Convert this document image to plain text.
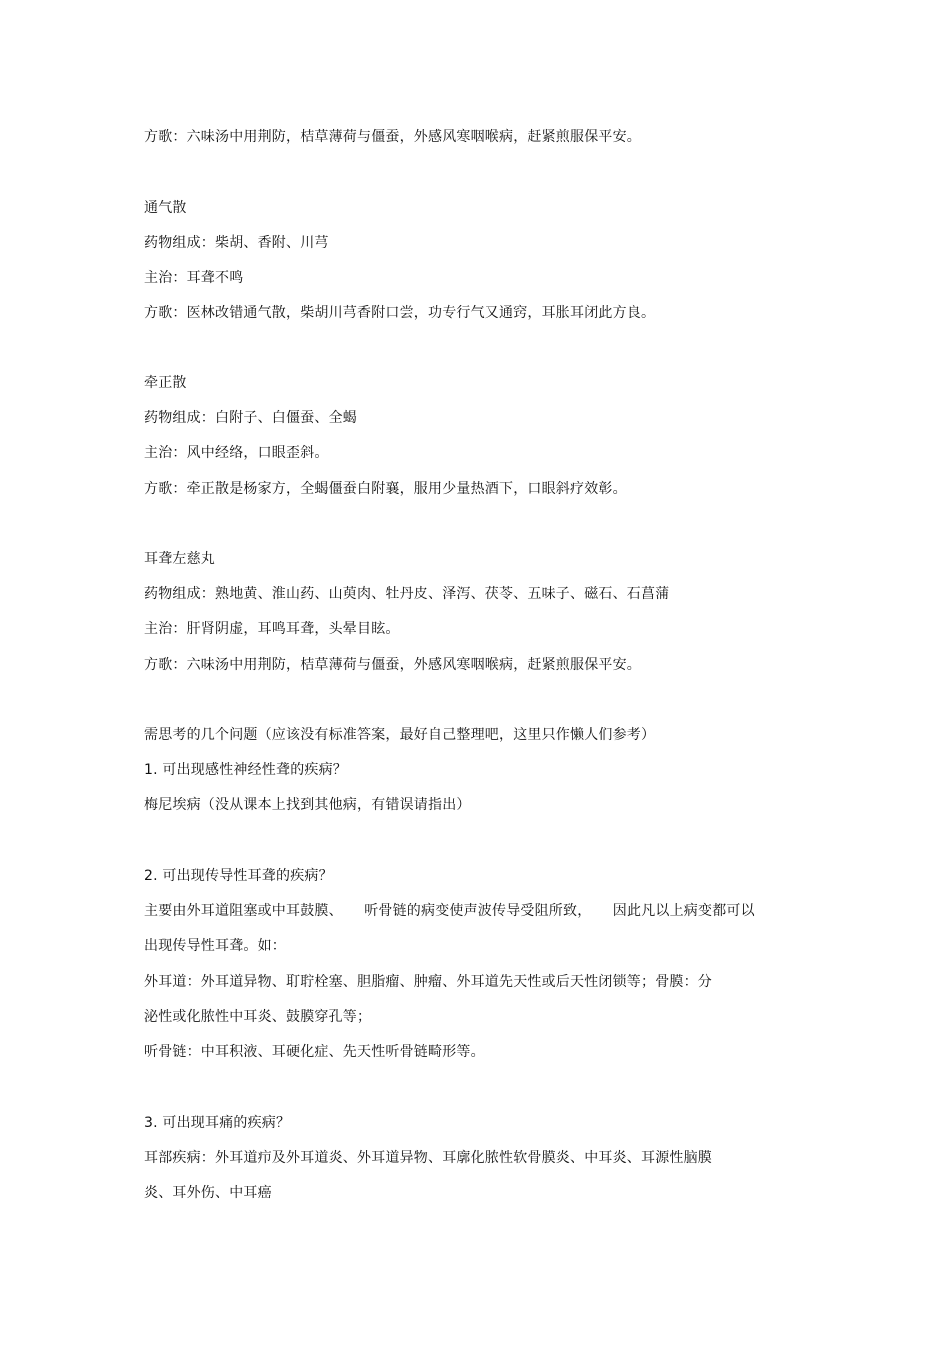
方歌：六味汤中用荆防，桔草薄荷与僵蚕，外感风寒咽喉病，赶紧煎服保平安。
通气散
药物组成：柴胡、香附、川芎
主治：耳聋不鸣
方歌：医林改错通气散，柴胡川芎香附口尝，功专行气又通窍，耳胀耳闭此方良。
牵正散
药物组成：白附子、白僵蚕、全蝎
主治：风中经络，口眼歪斜。
方歌：牵正散是杨家方，全蝎僵蚕白附襄，服用少量热酒下，口眼斜疗效彰。
耳聋左慈丸
药物组成：熟地黄、淮山药、山萸肉、牡丹皮、泽泻、茯苓、五味子、磁石、石菖蒲
主治：肝肾阴虚，耳鸣耳聋，头晕目眩。
方歌：六味汤中用荆防，桔草薄荷与僵蚕，外感风寒咽喉病，赶紧煎服保平安。
需思考的几个问题（应该没有标准答案，最好自己整理吧，这里只作懒人们参考）
1. 可出现感性神经性聋的疾病？
梅尼埃病（没从课本上找到其他病，有错误请指出）
2. 可出现传导性耳聋的疾病？
主要由外耳道阻塞或中耳鼓膜、　　听骨链的病变使声波传导受阻所致，　　因此凡以上病变都可以
出现传导性耳聋。如：
外耳道：外耳道异物、耵聍栓塞、胆脂瘤、肿瘤、外耳道先天性或后天性闭锁等；骨膜：分
泌性或化脓性中耳炎、鼓膜穿孔等；
听骨链：中耳积液、耳硬化症、先天性听骨链畸形等。
3. 可出现耳痛的疾病？
耳部疾病：外耳道疖及外耳道炎、外耳道异物、耳廓化脓性软骨膜炎、中耳炎、耳源性脑膜
炎、耳外伤、中耳癌
